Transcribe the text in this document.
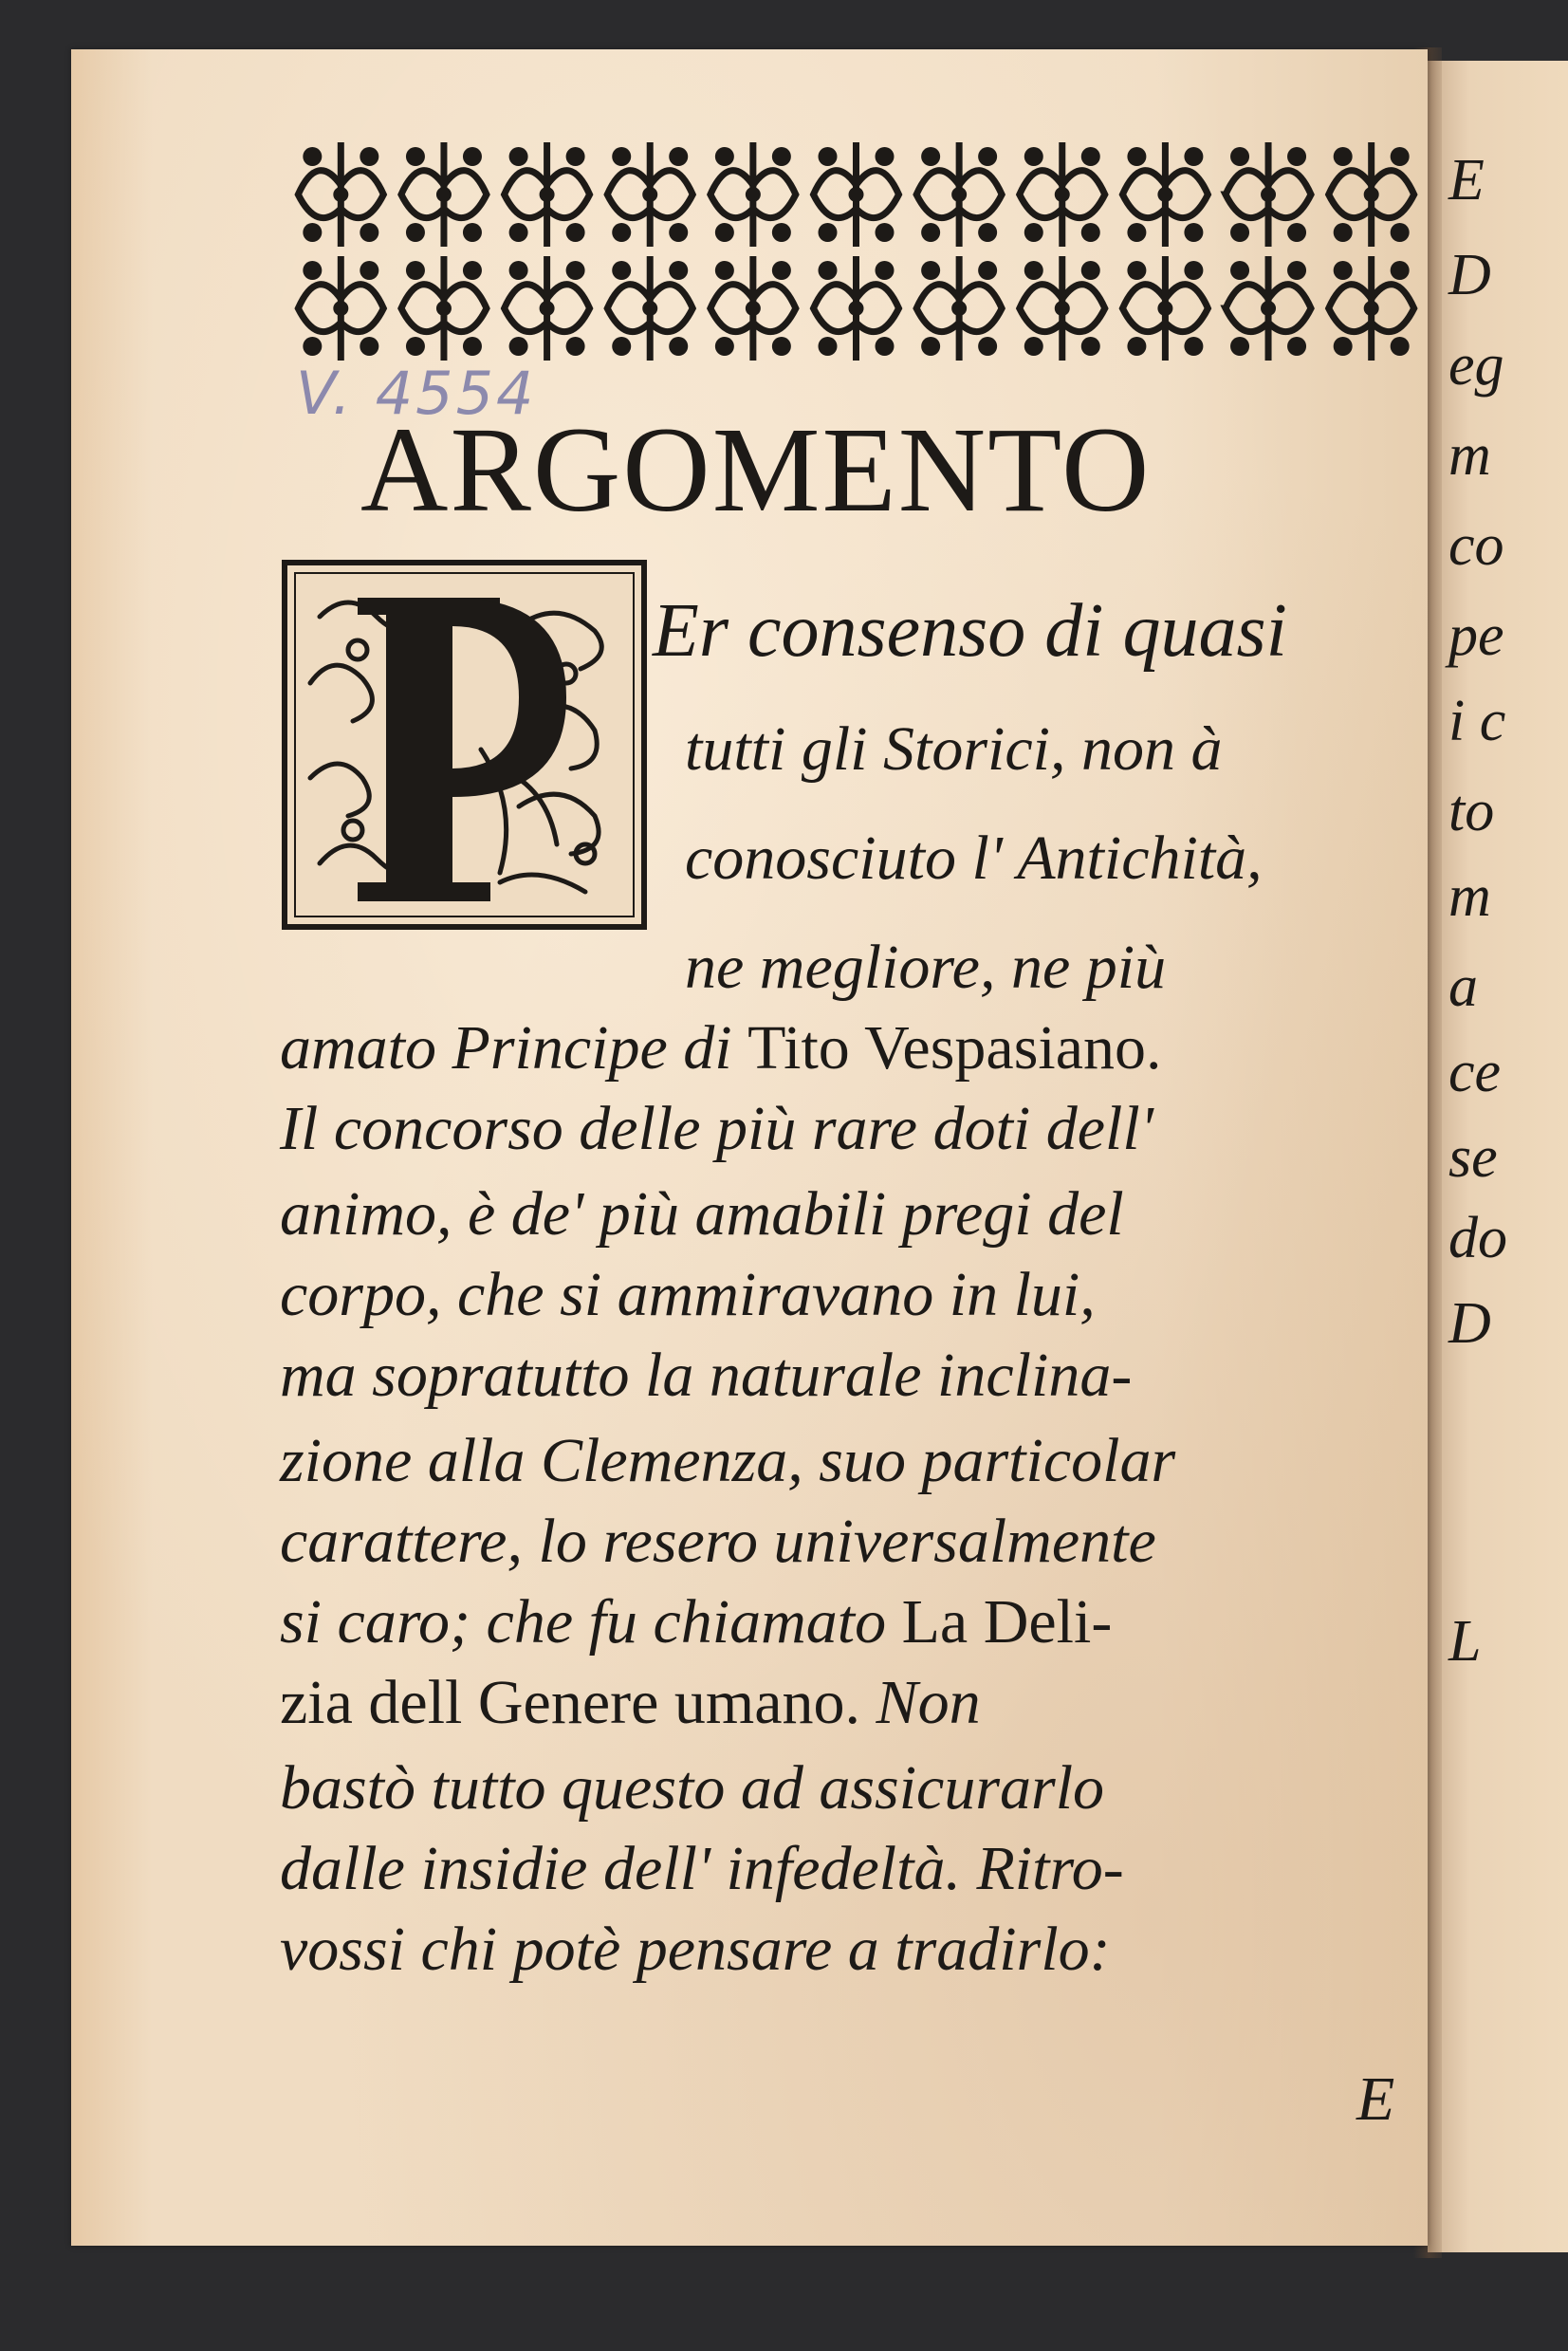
E
D
eg
m
co
pe
i c
to
m
a
ce
se
do
D
L
V. 4554
ARGOMENTO
Er consenso di quasi
tutti gli Storici, non à
conosciuto l' Antichità,
ne megliore, ne più
amato Principe di Tito Vespasiano.
Il concorso delle più rare doti dell'
animo, è de' più amabili pregi del
corpo, che si ammiravano in lui,
ma sopratutto la naturale inclina-
zione alla Clemenza, suo particolar
carattere, lo resero universalmente
si caro; che fu chiamato La Deli-
zia dell Genere umano. Non
bastò tutto questo ad assicurarlo
dalle insidie dell' infedeltà. Ritro-
vossi chi potè pensare a tradirlo:
E
